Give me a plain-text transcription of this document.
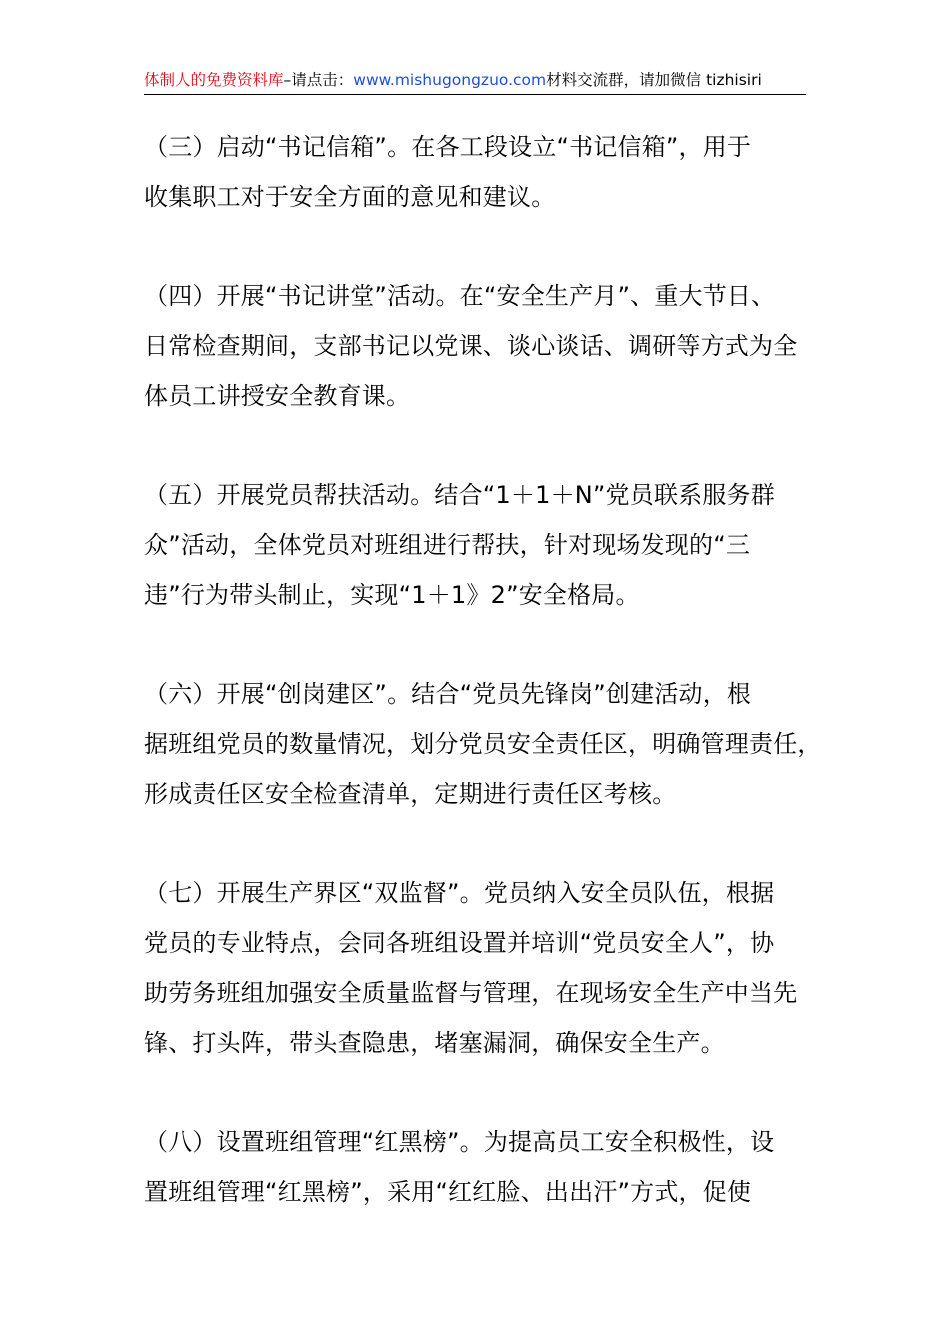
体制人的免费资料库–请点击：www.mishugongzuo.com材料交流群，请加微信 tizhisiri

（三）启动“书记信箱”。在各工段设立“书记信箱”，用于
收集职工对于安全方面的意见和建议。

（四）开展“书记讲堂”活动。在“安全生产月”、重大节日、
日常检查期间，支部书记以党课、谈心谈话、调研等方式为全
体员工讲授安全教育课。

（五）开展党员帮扶活动。结合“1＋1＋N”党员联系服务群
众”活动，全体党员对班组进行帮扶，针对现场发现的“三
违”行为带头制止，实现“1＋1》2”安全格局。

（六）开展“创岗建区”。结合“党员先锋岗”创建活动，根
据班组党员的数量情况，划分党员安全责任区，明确管理责任，
形成责任区安全检查清单，定期进行责任区考核。

（七）开展生产界区“双监督”。党员纳入安全员队伍，根据
党员的专业特点，会同各班组设置并培训“党员安全人”，协
助劳务班组加强安全质量监督与管理，在现场安全生产中当先
锋、打头阵，带头查隐患，堵塞漏洞，确保安全生产。

（八）设置班组管理“红黑榜”。为提高员工安全积极性，设
置班组管理“红黑榜”，采用“红红脸、出出汗”方式，促使
